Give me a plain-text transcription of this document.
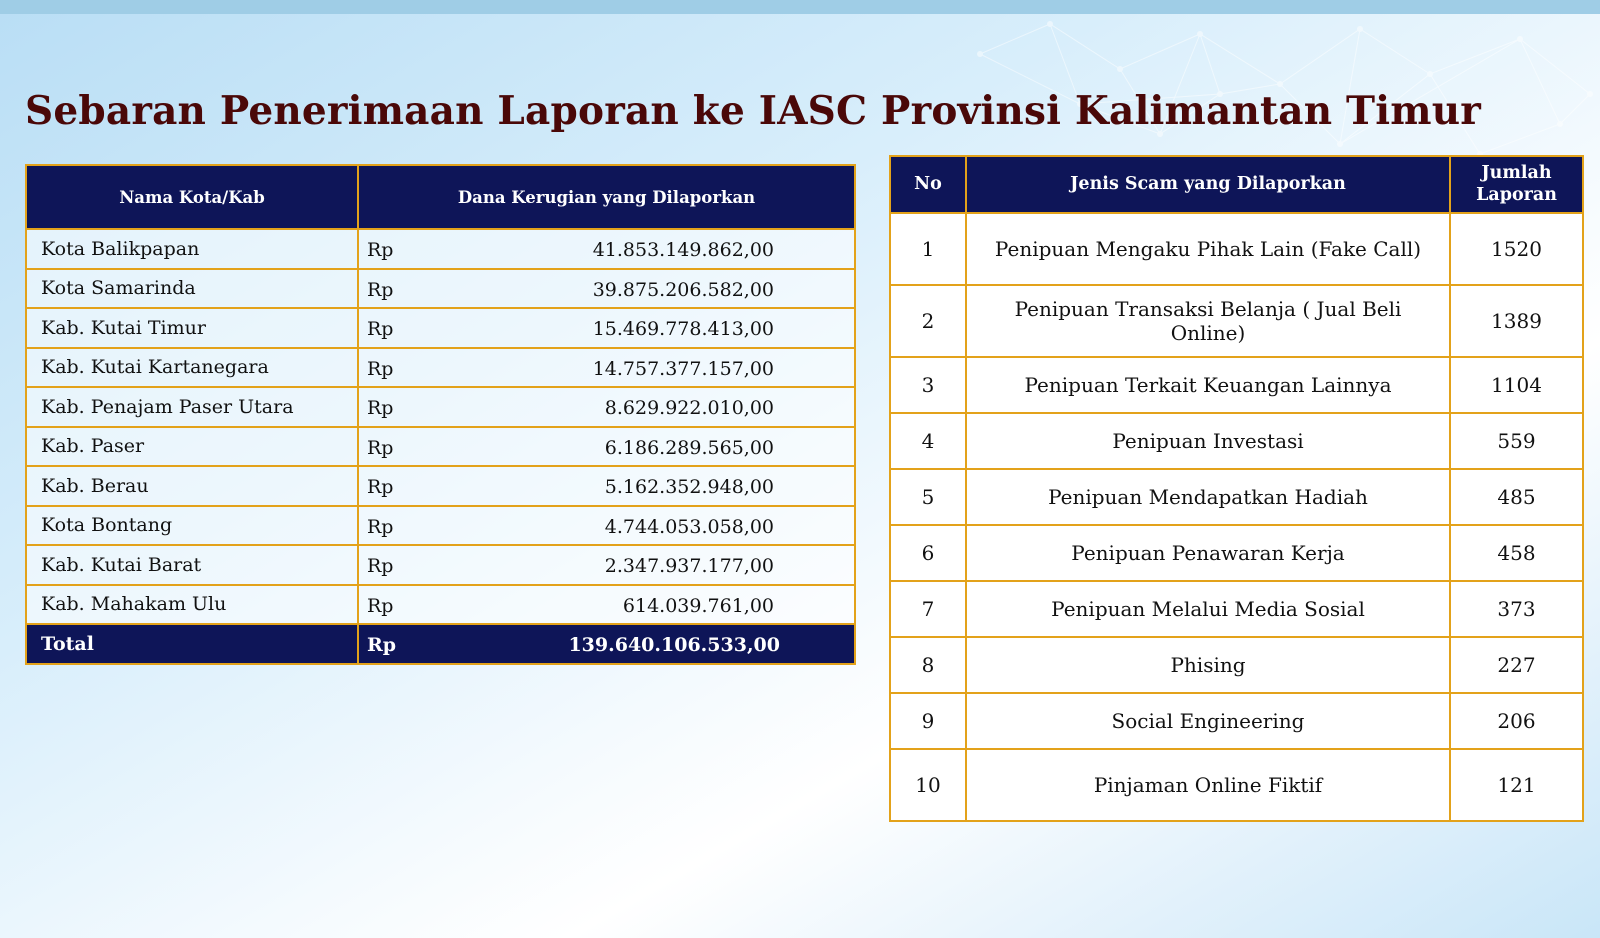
Sebaran Penerimaan Laporan ke IASC Provinsi Kalimantan Timur
Nama Kota/Kab	Dana Kerugian yang Dilaporkan
Kota Balikpapan	Rp 41.853.149.862,00

Kota Samarinda	Rp 39.875.206.582,00

Kab. Kutai Timur	Rp 15.469.778.413,00

Kab. Kutai Kartanegara	Rp 14.757.377.157,00

Kab. Penajam Paser Utara	Rp 8.629.922.010,00

Kab. Paser	Rp 6.186.289.565,00

Kab. Berau	Rp 5.162.352.948,00

Kota Bontang	Rp 4.744.053.058,00

Kab. Kutai Barat	Rp 2.347.937.177,00

Kab. Mahakam Ulu	Rp 614.039.761,00

Total	Rp 139.640.106.533,00
No	Jenis Scam yang Dilaporkan	Jumlah
Laporan
1	Penipuan Mengaku Pihak Lain (Fake Call)	1520
2	Penipuan Transaksi Belanja ( Jual Beli
Online)	1389
3	Penipuan Terkait Keuangan Lainnya	1104
4	Penipuan Investasi	559
5	Penipuan Mendapatkan Hadiah	485
6	Penipuan Penawaran Kerja	458
7	Penipuan Melalui Media Sosial	373
8	Phising	227
9	Social Engineering	206
10	Pinjaman Online Fiktif	121
